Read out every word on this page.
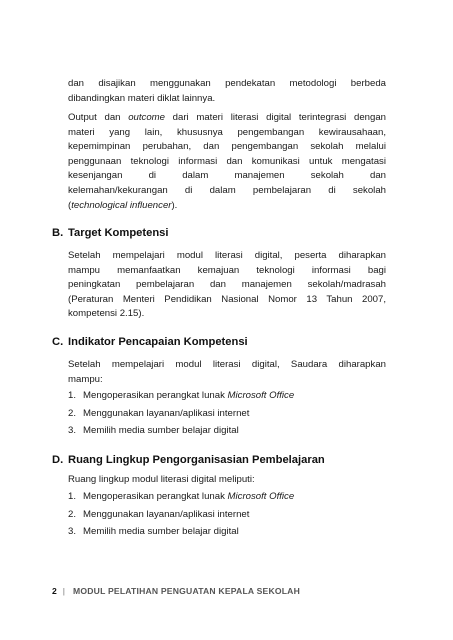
dan disajikan menggunakan pendekatan metodologi berbeda
dibandingkan materi diklat lainnya.
Output dan outcome dari materi literasi digital terintegrasi dengan
materi yang lain, khususnya pengembangan kewirausahaan,
kepemimpinan perubahan, dan pengembangan sekolah melalui
penggunaan teknologi informasi dan komunikasi untuk mengatasi
kesenjangan di dalam manajemen sekolah dan
kelemahan/kekurangan di dalam pembelajaran di sekolah
(technological influencer).
B. Target Kompetensi
Setelah mempelajari modul literasi digital, peserta diharapkan
mampu memanfaatkan kemajuan teknologi informasi bagi
peningkatan pembelajaran dan manajemen sekolah/madrasah
(Peraturan Menteri Pendidikan Nasional Nomor 13 Tahun 2007,
kompetensi 2.15).
C. Indikator Pencapaian Kompetensi
Setelah mempelajari modul literasi digital, Saudara diharapkan
mampu:
1. Mengoperasikan perangkat lunak Microsoft Office
2. Menggunakan layanan/aplikasi internet
3. Memilih media sumber belajar digital
D. Ruang Lingkup Pengorganisasian Pembelajaran
Ruang lingkup modul literasi digital meliputi:
1. Mengoperasikan perangkat lunak Microsoft Office
2. Menggunakan layanan/aplikasi internet
3. Memilih media sumber belajar digital
2 | MODUL PELATIHAN PENGUATAN KEPALA SEKOLAH
